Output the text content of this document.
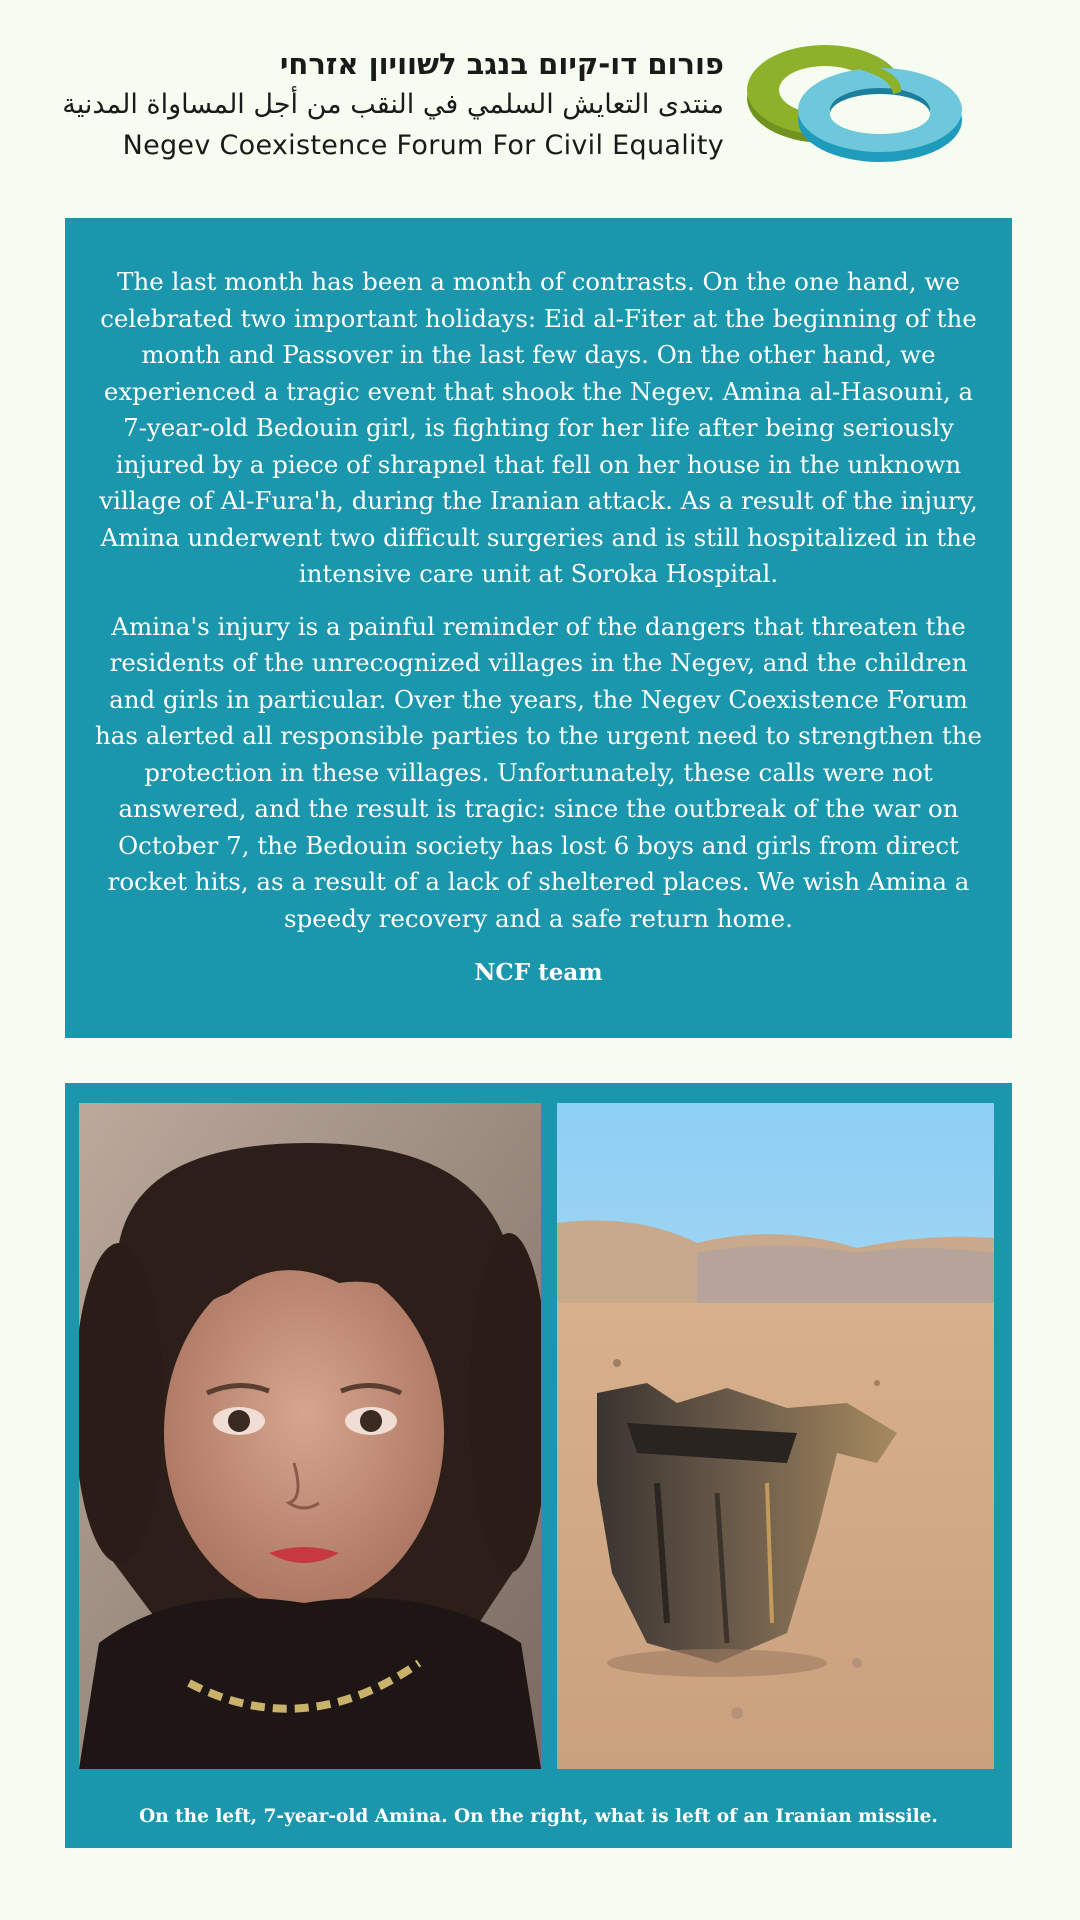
פורום דו-קיום בנגב לשוויון אזרחי
منتدى التعايش السلمي في النقب من أجل المساواة المدنية
Negev Coexistence Forum For Civil Equality

The last month has been a month of contrasts. On the one hand, we celebrated two important holidays: Eid al-Fiter at the beginning of the month and Passover in the last few days. On the other hand, we experienced a tragic event that shook the Negev. Amina al-Hasouni, a 7-year-old Bedouin girl, is fighting for her life after being seriously injured by a piece of shrapnel that fell on her house in the unknown village of Al-Fura'h, during the Iranian attack. As a result of the injury, Amina underwent two difficult surgeries and is still hospitalized in the intensive care unit at Soroka Hospital.

Amina's injury is a painful reminder of the dangers that threaten the residents of the unrecognized villages in the Negev, and the children and girls in particular. Over the years, the Negev Coexistence Forum has alerted all responsible parties to the urgent need to strengthen the protection in these villages. Unfortunately, these calls were not answered, and the result is tragic: since the outbreak of the war on October 7, the Bedouin society has lost 6 boys and girls from direct rocket hits, as a result of a lack of sheltered places. We wish Amina a speedy recovery and a safe return home.

NCF team
On the left, 7-year-old Amina. On the right, what is left of an Iranian missile.
